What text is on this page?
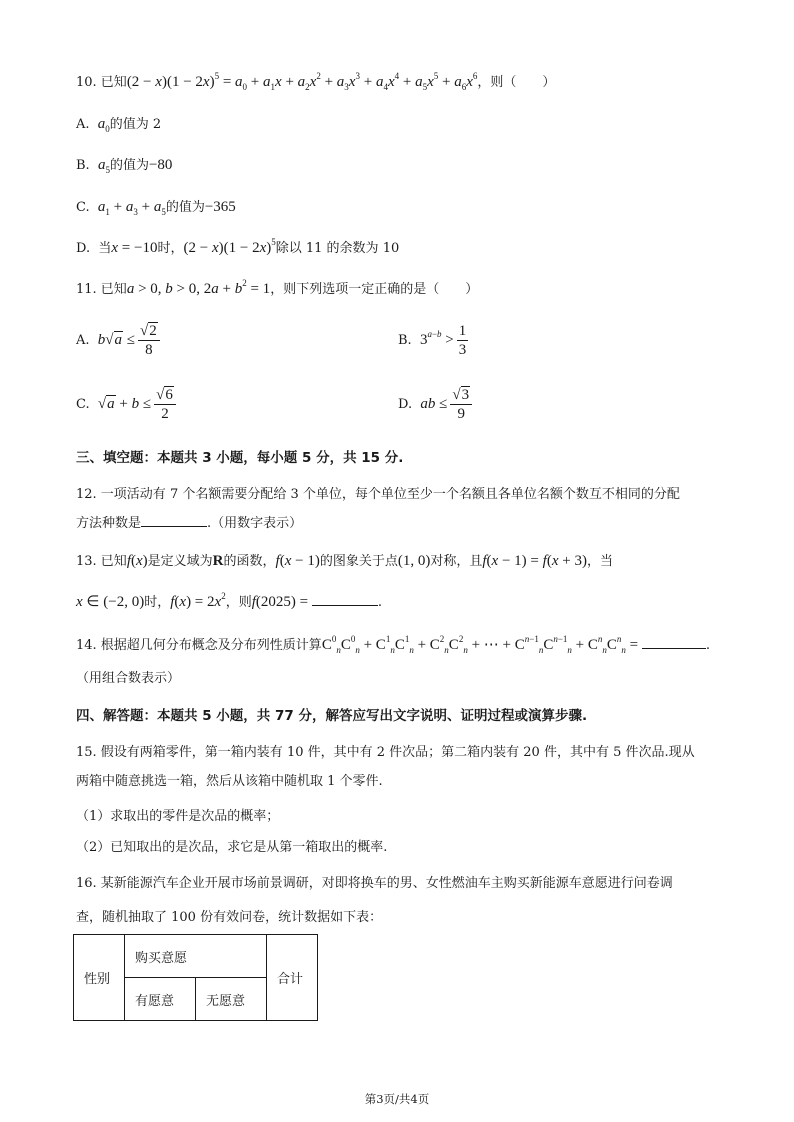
10. 已知$(2 - x)(1 - 2x)^5 = a_0 + a_1x + a_2x^2 + a_3x^3 + a_4x^4 + a_5x^5 + a_6x^6$，则（　　）
A. $a_0$的值为 2
B. $a_5$的值为−80
C. $a_1 + a_3 + a_5$的值为−365
D. 当x = −10时，$(2 - x)(1 - 2x)^5$除以 11 的余数为 10
11. 已知a > 0, b > 0, $2a + b^2 = 1$，则下列选项一定正确的是（　　）
A. $b√a \le \frac{√2}{8}$	B. $3^{a-b} > \frac{1}{3}$
C. $√a + b \le \frac{√6}{2}$	D. ab ≤ $\frac{√3}{9}$
三、填空题：本题共 3 小题，每小题 5 分，共 15 分.
12. 一项活动有 7 个名额需要分配给 3 个单位，每个单位至少一个名额且各单位名额个数互不相同的分配
方法种数是	.（用数字表示）
13. 已知f(x)是定义域为R的函数，f(x − 1)的图象关于点(1, 0)对称，且f(x − 1) = f(x + 3)，当
x ∈ (−2, 0)时，$f(x) = 2x^2$，则f(2025) =	.
14. 根据超几何分布概念及分布列性质计算$C^0_nC^0_n + C^1_nC^1_n + C^2_nC^2_n$ + ⋯ + $C^{n-1}_nC^{n-1}_n + C^n_nC^n_n$ =	.
（用组合数表示）
四、解答题：本题共 5 小题，共 77 分，解答应写出文字说明、证明过程或演算步骤.
15. 假设有两箱零件，第一箱内装有 10 件，其中有 2 件次品；第二箱内装有 20 件，其中有 5 件次品.现从
两箱中随意挑选一箱，然后从该箱中随机取 1 个零件.
（1）求取出的零件是次品的概率；
（2）已知取出的是次品，求它是从第一箱取出的概率.
16. 某新能源汽车企业开展市场前景调研，对即将换车的男、女性燃油车主购买新能源车意愿进行问卷调
查，随机抽取了 100 份有效问卷，统计数据如下表：
性别	购买意愿		合计
	有愿意	无愿意	
第3页/共4页
